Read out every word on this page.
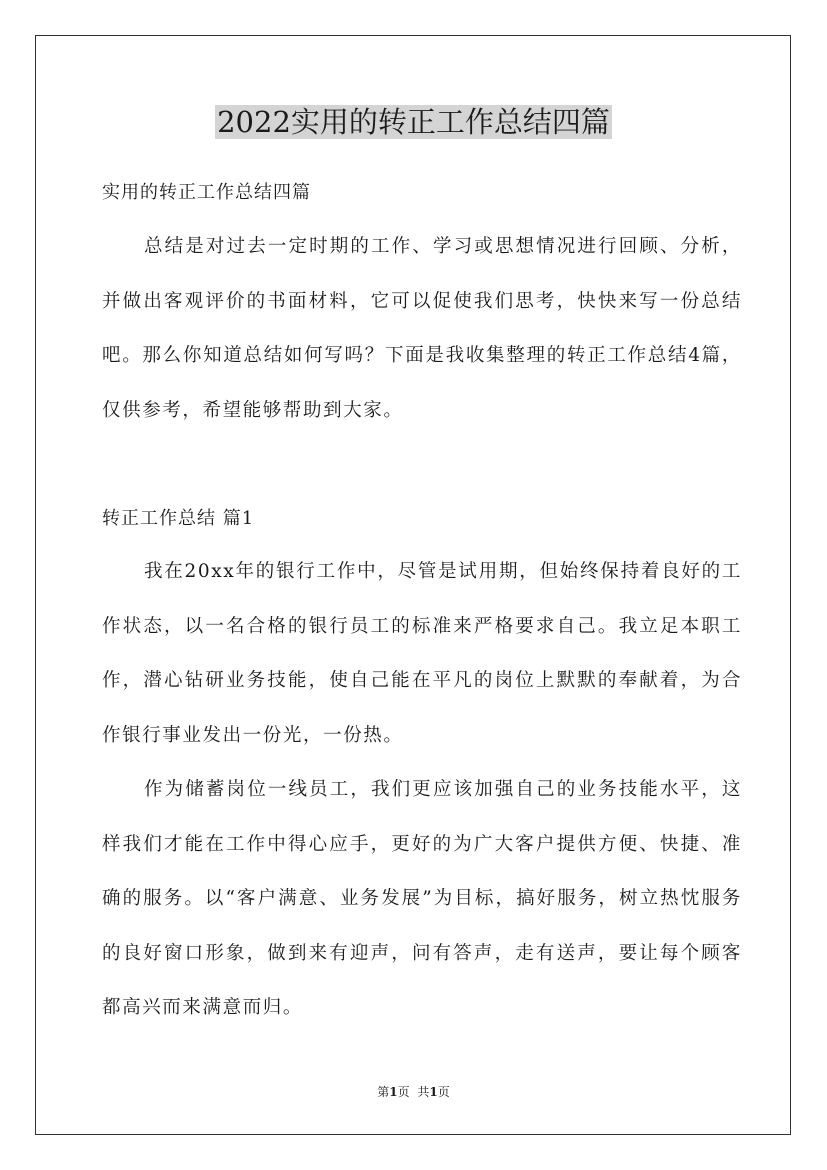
2022实用的转正工作总结四篇
实用的转正工作总结四篇
总结是对过去一定时期的工作、学习或思想情况进行回顾、分析，并做出客观评价的书面材料，它可以促使我们思考，快快来写一份总结吧。那么你知道总结如何写吗？下面是我收集整理的转正工作总结4篇，仅供参考，希望能够帮助到大家。
转正工作总结 篇1
我在20xx年的银行工作中，尽管是试用期，但始终保持着良好的工作状态，以一名合格的银行员工的标准来严格要求自己。我立足本职工作，潜心钻研业务技能，使自己能在平凡的岗位上默默的奉献着，为合作银行事业发出一份光，一份热。
作为储蓄岗位一线员工，我们更应该加强自己的业务技能水平，这样我们才能在工作中得心应手，更好的为广大客户提供方便、快捷、准确的服务。以“客户满意、业务发展”为目标，搞好服务，树立热忱服务的良好窗口形象，做到来有迎声，问有答声，走有送声，要让每个顾客都高兴而来满意而归。
第1页 共1页
